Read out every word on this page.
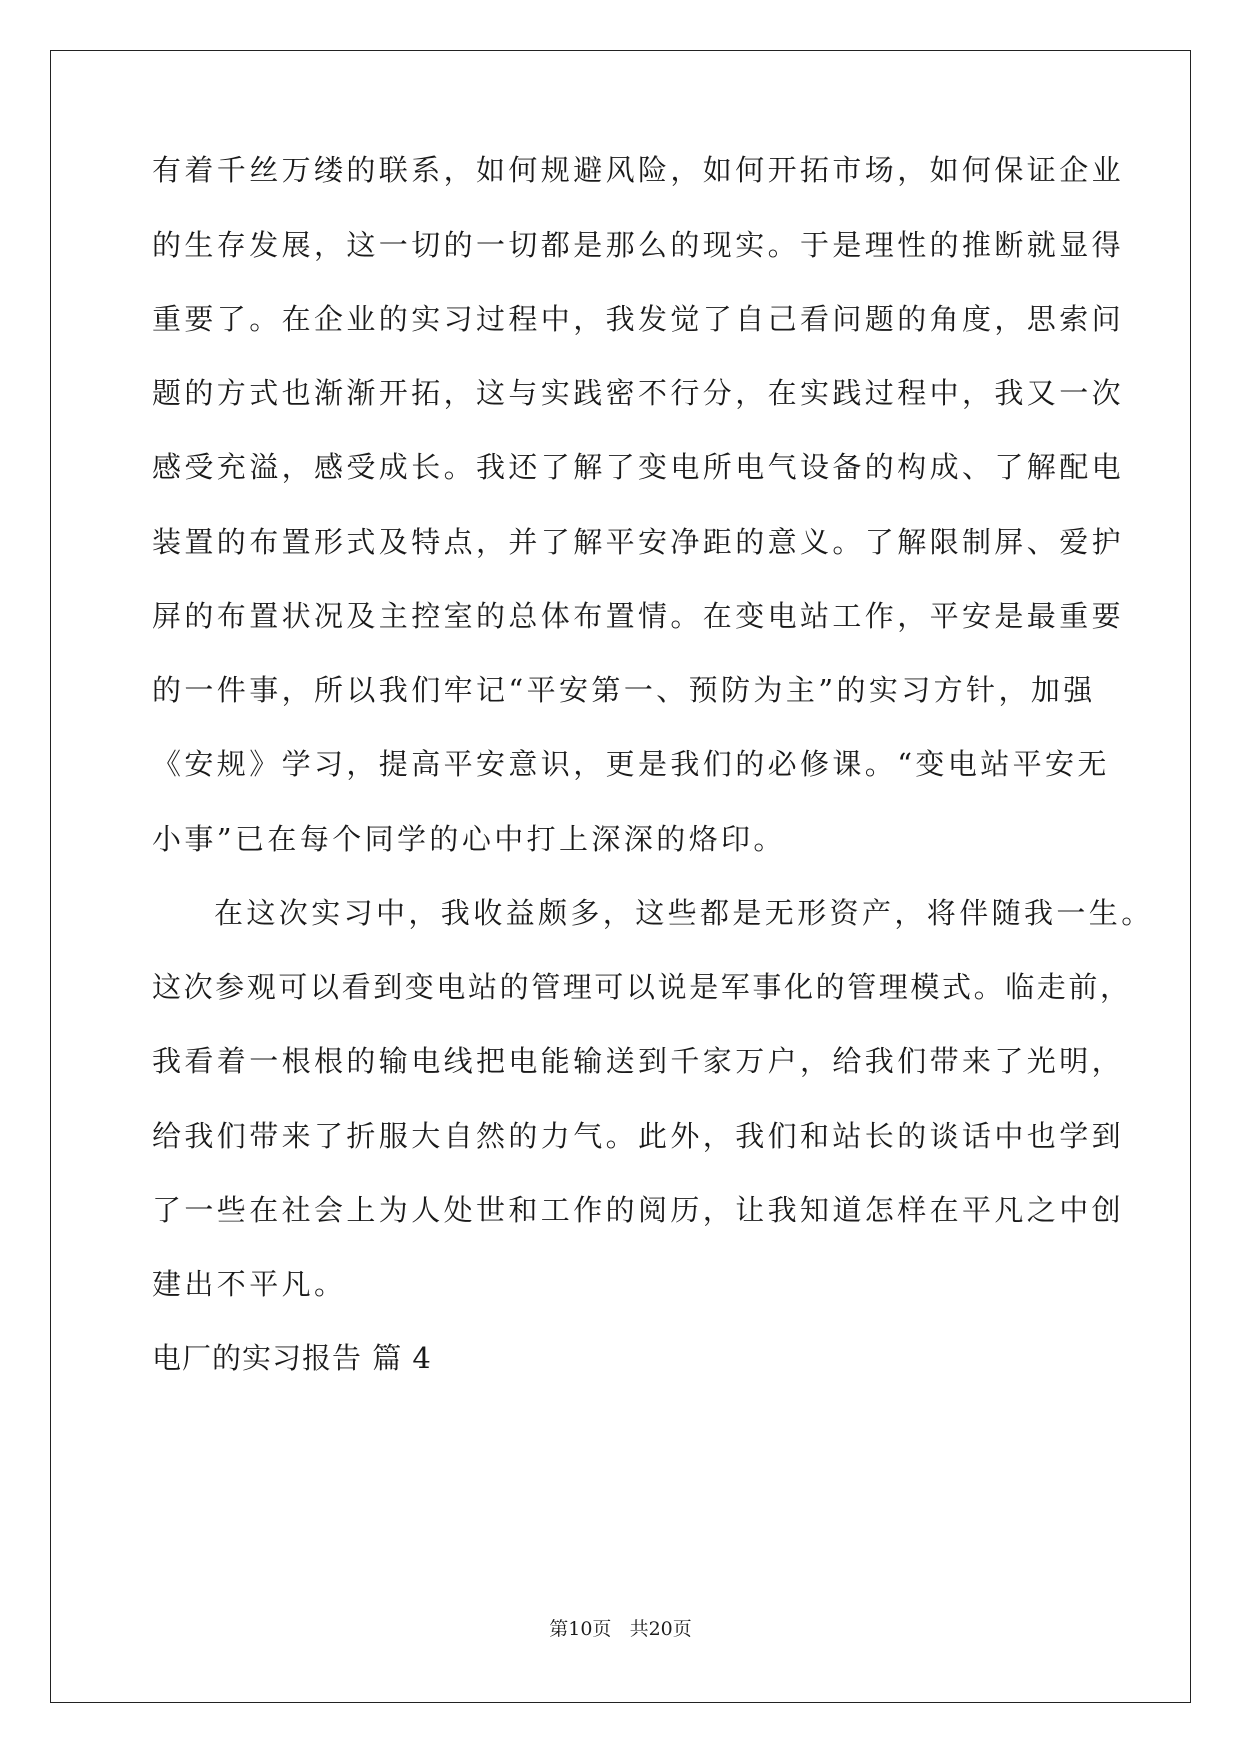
有着千丝万缕的联系，如何规避风险，如何开拓市场，如何保证企业
的生存发展，这一切的一切都是那么的现实。于是理性的推断就显得
重要了。在企业的实习过程中，我发觉了自己看问题的角度，思索问
题的方式也渐渐开拓，这与实践密不行分，在实践过程中，我又一次
感受充溢，感受成长。我还了解了变电所电气设备的构成、了解配电
装置的布置形式及特点，并了解平安净距的意义。了解限制屏、爱护
屏的布置状况及主控室的总体布置情。在变电站工作，平安是最重要
的一件事，所以我们牢记“平安第一、预防为主”的实习方针，加强
《安规》学习，提高平安意识，更是我们的必修课。“变电站平安无
小事”已在每个同学的心中打上深深的烙印。
在这次实习中，我收益颇多，这些都是无形资产，将伴随我一生。
这次参观可以看到变电站的管理可以说是军事化的管理模式。临走前，
我看着一根根的输电线把电能输送到千家万户，给我们带来了光明，
给我们带来了折服大自然的力气。此外，我们和站长的谈话中也学到
了一些在社会上为人处世和工作的阅历，让我知道怎样在平凡之中创
建出不平凡。
电厂的实习报告 篇 4
第10页 共20页
